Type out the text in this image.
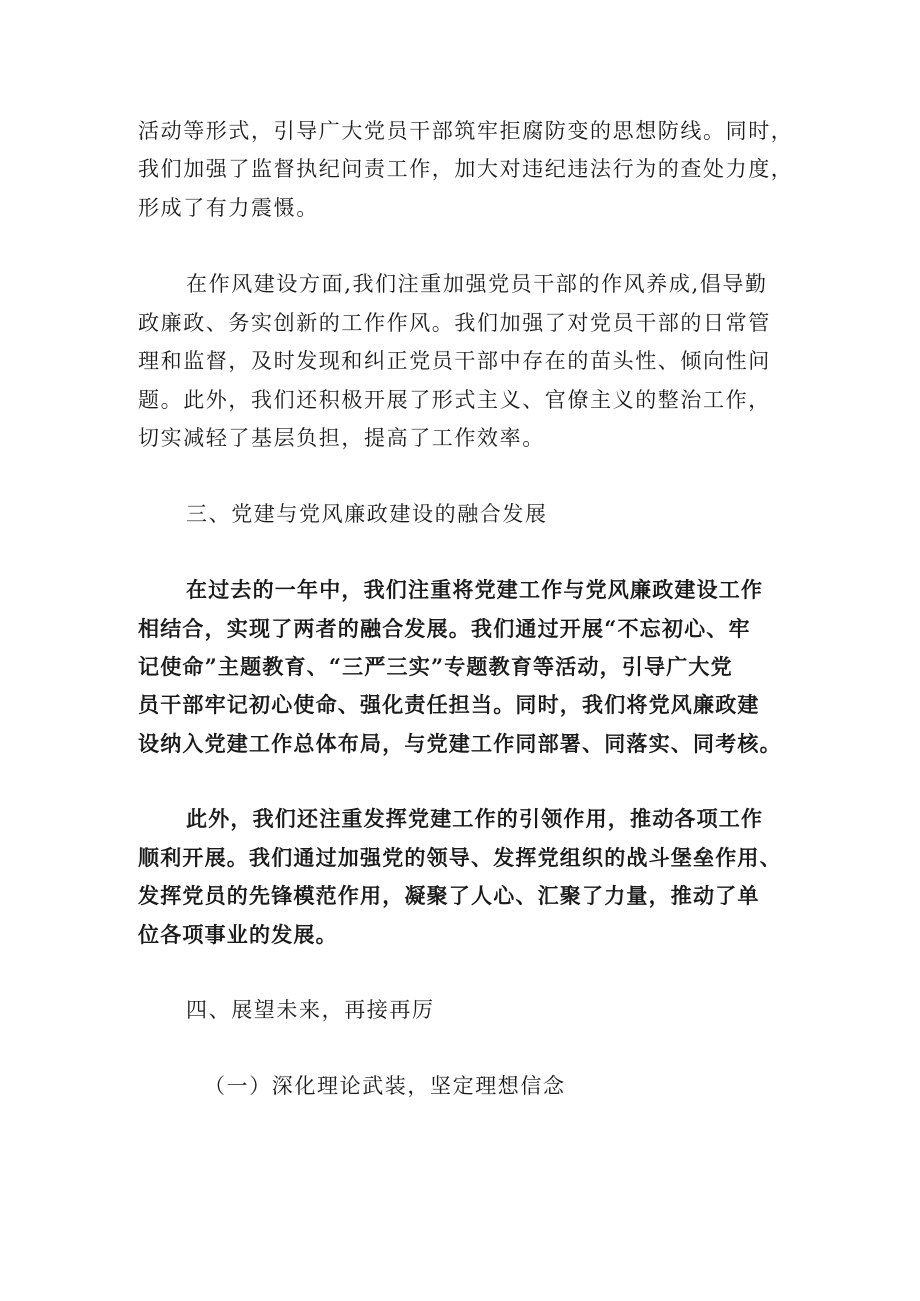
活动等形式，引导广大党员干部筑牢拒腐防变的思想防线。同时，
我们加强了监督执纪问责工作，加大对违纪违法行为的查处力度，
形成了有力震慑。
在作风建设方面,我们注重加强党员干部的作风养成,倡导勤
政廉政、务实创新的工作作风。我们加强了对党员干部的日常管
理和监督，及时发现和纠正党员干部中存在的苗头性、倾向性问
题。此外，我们还积极开展了形式主义、官僚主义的整治工作，
切实减轻了基层负担，提高了工作效率。
三、党建与党风廉政建设的融合发展
在过去的一年中，我们注重将党建工作与党风廉政建设工作
相结合，实现了两者的融合发展。我们通过开展“不忘初心、牢
记使命”主题教育、“三严三实”专题教育等活动，引导广大党
员干部牢记初心使命、强化责任担当。同时，我们将党风廉政建
设纳入党建工作总体布局，与党建工作同部署、同落实、同考核。
此外，我们还注重发挥党建工作的引领作用，推动各项工作
顺利开展。我们通过加强党的领导、发挥党组织的战斗堡垒作用、
发挥党员的先锋模范作用，凝聚了人心、汇聚了力量，推动了单
位各项事业的发展。
四、展望未来，再接再厉
（一）深化理论武装，坚定理想信念
